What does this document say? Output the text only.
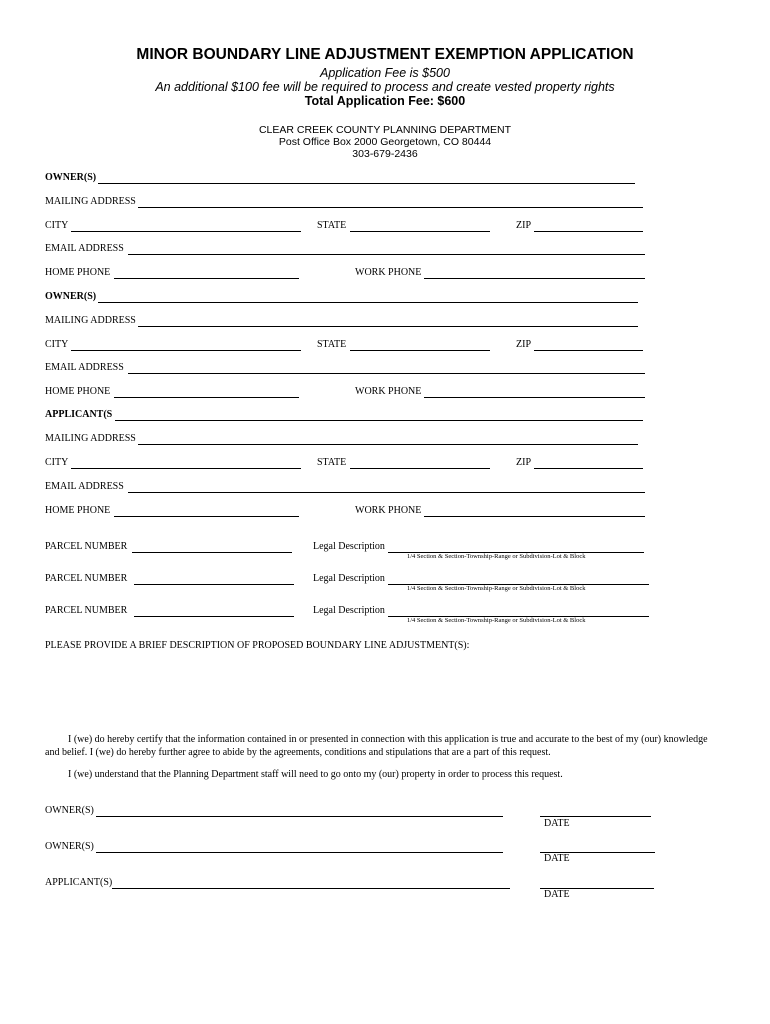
MINOR BOUNDARY LINE ADJUSTMENT EXEMPTION APPLICATION
Application Fee is $500
An additional $100 fee will be required to process and create vested property rights
Total Application Fee: $600
CLEAR CREEK COUNTY PLANNING DEPARTMENT
Post Office Box 2000 Georgetown, CO 80444
303-679-2436
OWNER(S)
MAILING ADDRESS
CITY	STATE	ZIP
EMAIL ADDRESS
HOME PHONE	WORK PHONE
OWNER(S)
MAILING ADDRESS
CITY	STATE	ZIP
EMAIL ADDRESS
HOME PHONE	WORK PHONE
APPLICANT(S
MAILING ADDRESS
CITY	STATE	ZIP
EMAIL ADDRESS
HOME PHONE	WORK PHONE
PARCEL NUMBER	Legal Description
1/4 Section & Section-Township-Range or Subdivision-Lot & Block
PARCEL NUMBER	Legal Description
1/4 Section & Section-Township-Range or Subdivision-Lot & Block
PARCEL NUMBER	Legal Description
1/4 Section & Section-Township-Range or Subdivision-Lot & Block
PLEASE PROVIDE A BRIEF DESCRIPTION OF PROPOSED BOUNDARY LINE ADJUSTMENT(S):
I (we) do hereby certify that the information contained in or presented in connection with this application is true and accurate to the best of my (our) knowledge and belief. I (we) do hereby further agree to abide by the agreements, conditions and stipulations that are a part of this request.
I (we) understand that the Planning Department staff will need to go onto my (our) property in order to process this request.
OWNER(S)
DATE
OWNER(S)
DATE
APPLICANT(S)
DATE
